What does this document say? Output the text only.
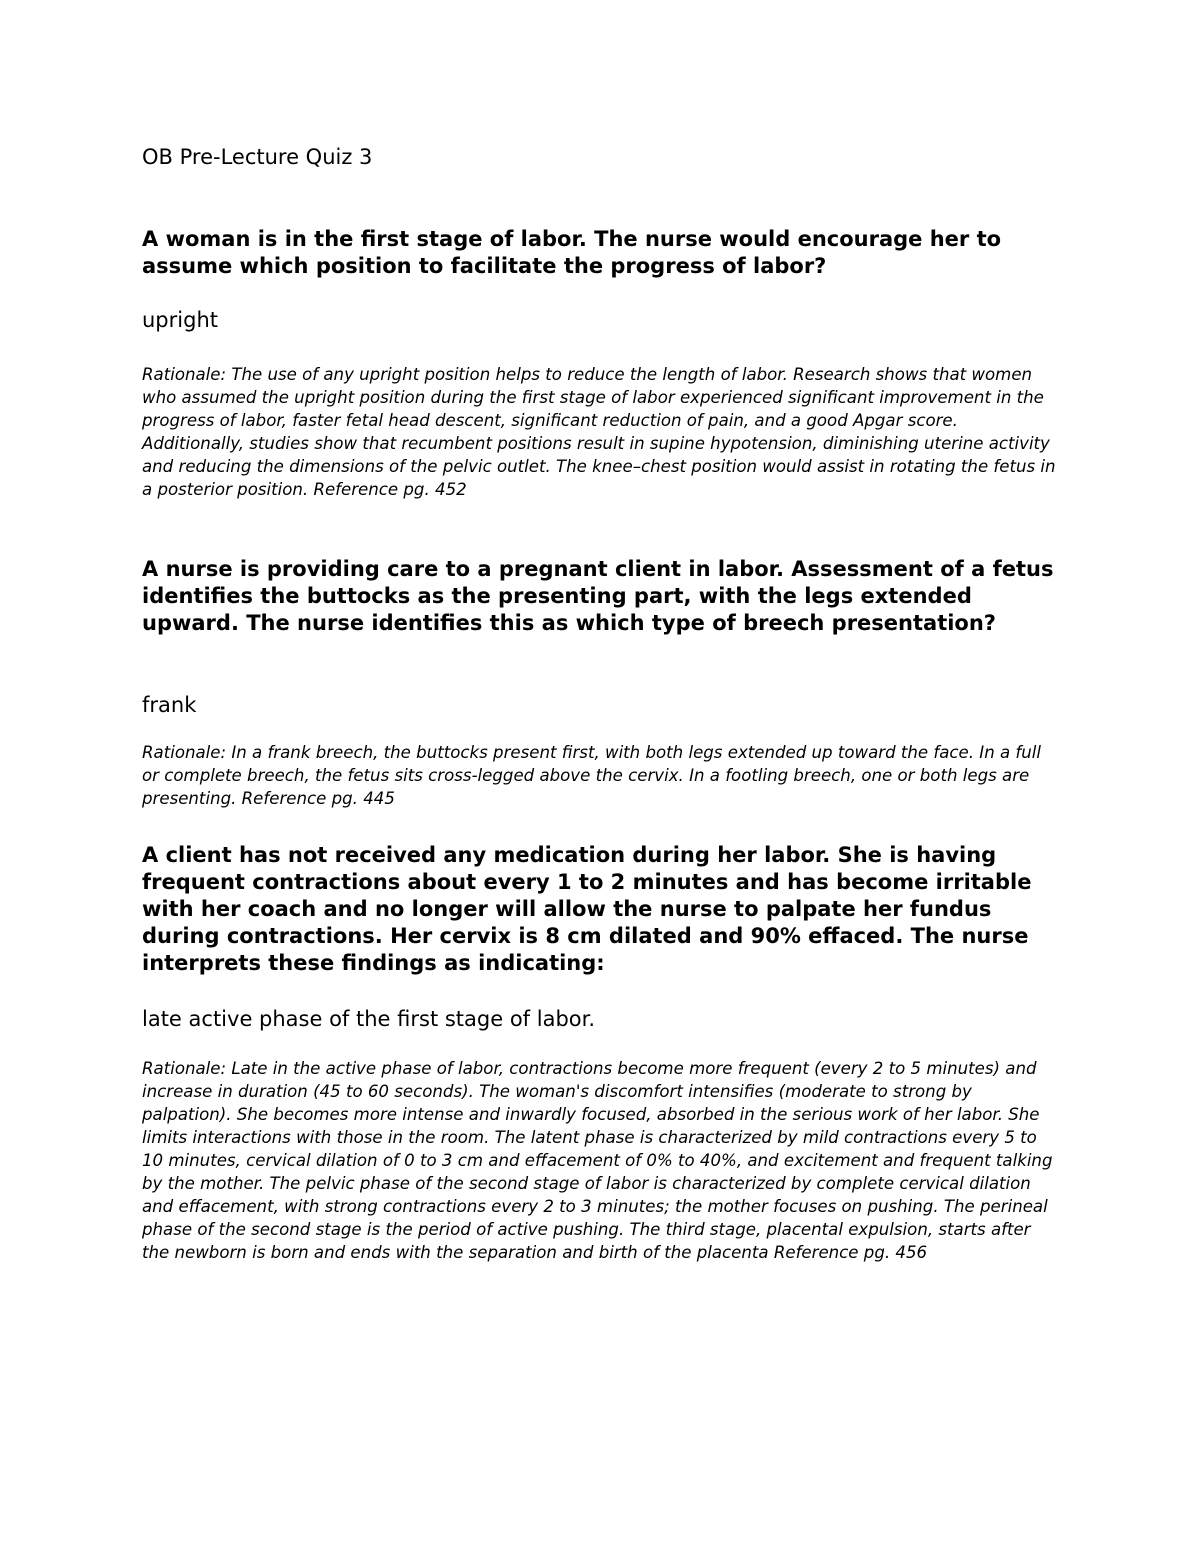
OB Pre-Lecture Quiz 3

A woman is in the first stage of labor. The nurse would encourage her to assume which position to facilitate the progress of labor?

upright

Rationale: The use of any upright position helps to reduce the length of labor. Research shows that women who assumed the upright position during the first stage of labor experienced significant improvement in the progress of labor, faster fetal head descent, significant reduction of pain, and a good Apgar score. Additionally, studies show that recumbent positions result in supine hypotension, diminishing uterine activity and reducing the dimensions of the pelvic outlet. The knee–chest position would assist in rotating the fetus in a posterior position. Reference pg. 452

A nurse is providing care to a pregnant client in labor. Assessment of a fetus identifies the buttocks as the presenting part, with the legs extended upward. The nurse identifies this as which type of breech presentation?

frank

Rationale: In a frank breech, the buttocks present first, with both legs extended up toward the face. In a full or complete breech, the fetus sits cross-legged above the cervix. In a footling breech, one or both legs are presenting. Reference pg. 445

A client has not received any medication during her labor. She is having frequent contractions about every 1 to 2 minutes and has become irritable with her coach and no longer will allow the nurse to palpate her fundus during contractions. Her cervix is 8 cm dilated and 90% effaced. The nurse interprets these findings as indicating:

late active phase of the first stage of labor.

Rationale: Late in the active phase of labor, contractions become more frequent (every 2 to 5 minutes) and increase in duration (45 to 60 seconds). The woman's discomfort intensifies (moderate to strong by palpation). She becomes more intense and inwardly focused, absorbed in the serious work of her labor. She limits interactions with those in the room. The latent phase is characterized by mild contractions every 5 to 10 minutes, cervical dilation of 0 to 3 cm and effacement of 0% to 40%, and excitement and frequent talking by the mother. The pelvic phase of the second stage of labor is characterized by complete cervical dilation and effacement, with strong contractions every 2 to 3 minutes; the mother focuses on pushing. The perineal phase of the second stage is the period of active pushing. The third stage, placental expulsion, starts after the newborn is born and ends with the separation and birth of the placenta Reference pg. 456
